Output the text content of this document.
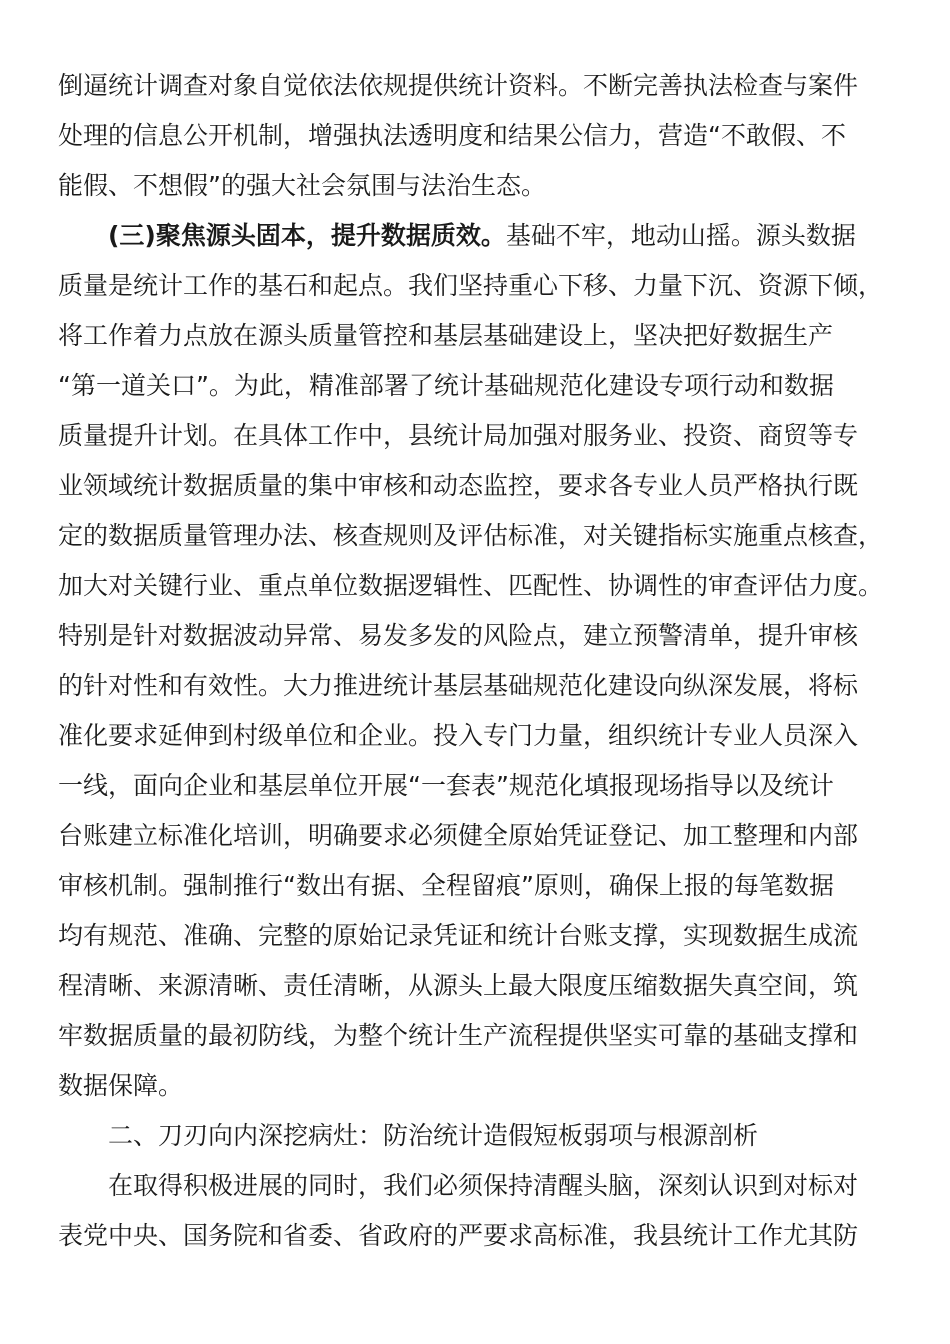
倒逼统计调查对象自觉依法依规提供统计资料。不断完善执法检查与案件
处理的信息公开机制，增强执法透明度和结果公信力，营造“不敢假、不
能假、不想假”的强大社会氛围与法治生态。
(三)聚焦源头固本，提升数据质效。基础不牢，地动山摇。源头数据
质量是统计工作的基石和起点。我们坚持重心下移、力量下沉、资源下倾，
将工作着力点放在源头质量管控和基层基础建设上，坚决把好数据生产
“第一道关口”。为此，精准部署了统计基础规范化建设专项行动和数据
质量提升计划。在具体工作中，县统计局加强对服务业、投资、商贸等专
业领域统计数据质量的集中审核和动态监控，要求各专业人员严格执行既
定的数据质量管理办法、核查规则及评估标准，对关键指标实施重点核查，
加大对关键行业、重点单位数据逻辑性、匹配性、协调性的审查评估力度。
特别是针对数据波动异常、易发多发的风险点，建立预警清单，提升审核
的针对性和有效性。大力推进统计基层基础规范化建设向纵深发展，将标
准化要求延伸到村级单位和企业。投入专门力量，组织统计专业人员深入
一线，面向企业和基层单位开展“一套表”规范化填报现场指导以及统计
台账建立标准化培训，明确要求必须健全原始凭证登记、加工整理和内部
审核机制。强制推行“数出有据、全程留痕”原则，确保上报的每笔数据
均有规范、准确、完整的原始记录凭证和统计台账支撑，实现数据生成流
程清晰、来源清晰、责任清晰，从源头上最大限度压缩数据失真空间，筑
牢数据质量的最初防线，为整个统计生产流程提供坚实可靠的基础支撑和
数据保障。
二、刀刃向内深挖病灶：防治统计造假短板弱项与根源剖析
在取得积极进展的同时，我们必须保持清醒头脑，深刻认识到对标对
表党中央、国务院和省委、省政府的严要求高标准，我县统计工作尤其防
